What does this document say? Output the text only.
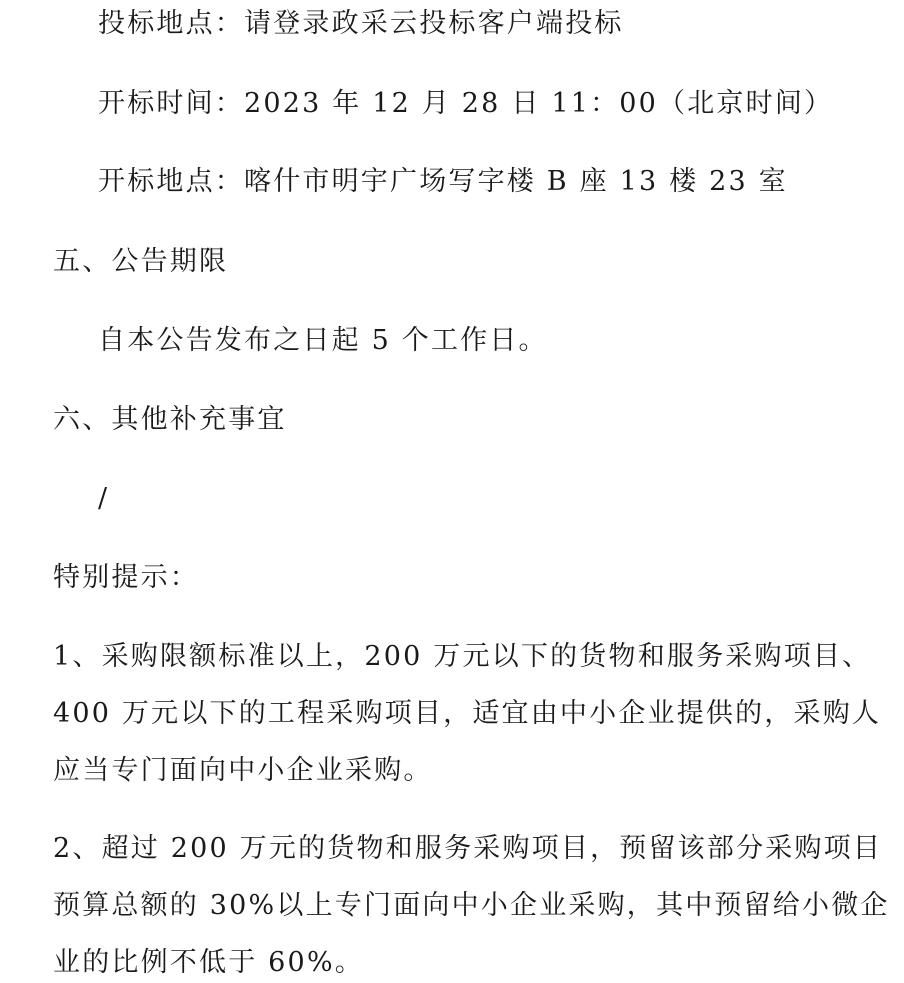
投标地点：请登录政采云投标客户端投标
开标时间：2023 年 12 月 28 日 11：00（北京时间）
开标地点：喀什市明宇广场写字楼 B 座 13 楼 23 室
五、公告期限
自本公告发布之日起 5 个工作日。
六、其他补充事宜
/
特别提示：
1、采购限额标准以上，200 万元以下的货物和服务采购项目、
400 万元以下的工程采购项目，适宜由中小企业提供的，采购人
应当专门面向中小企业采购。
2、超过 200 万元的货物和服务采购项目，预留该部分采购项目
预算总额的 30%以上专门面向中小企业采购，其中预留给小微企
业的比例不低于 60%。
